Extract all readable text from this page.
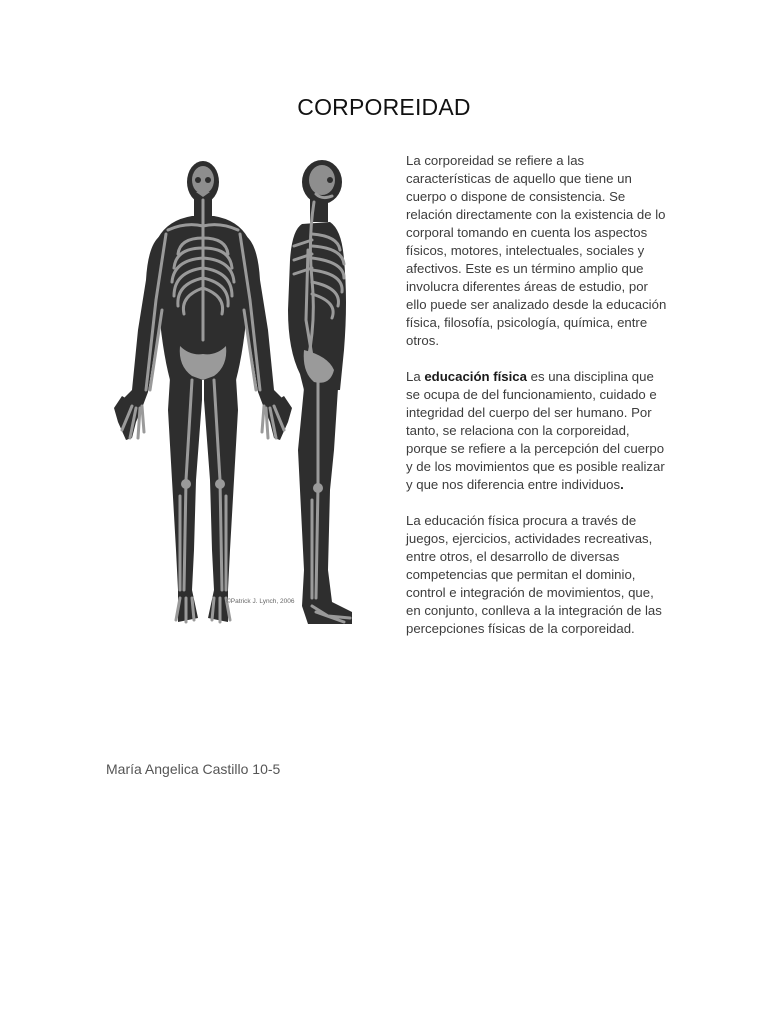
CORPOREIDAD
©Patrick J. Lynch, 2006

La corporeidad se refiere a las características de aquello que tiene un cuerpo o dispone de consistencia. Se relación directamente con la existencia de lo corporal tomando en cuenta los aspectos físicos, motores, intelectuales, sociales y afectivos. Este es un término amplio que involucra diferentes áreas de estudio, por ello puede ser analizado desde la educación física, filosofía, psicología, química, entre otros.

La educación física es una disciplina que se ocupa de del funcionamiento, cuidado e integridad del cuerpo del ser humano. Por tanto, se relaciona con la corporeidad, porque se refiere a la percepción del cuerpo y de los movimientos que es posible realizar y que nos diferencia entre individuos.

La educación física procura a través de juegos, ejercicios, actividades recreativas, entre otros, el desarrollo de diversas competencias que permitan el dominio, control e integración de movimientos, que, en conjunto, conlleva a la integración de las percepciones físicas de la corporeidad.

María Angelica Castillo 10-5
